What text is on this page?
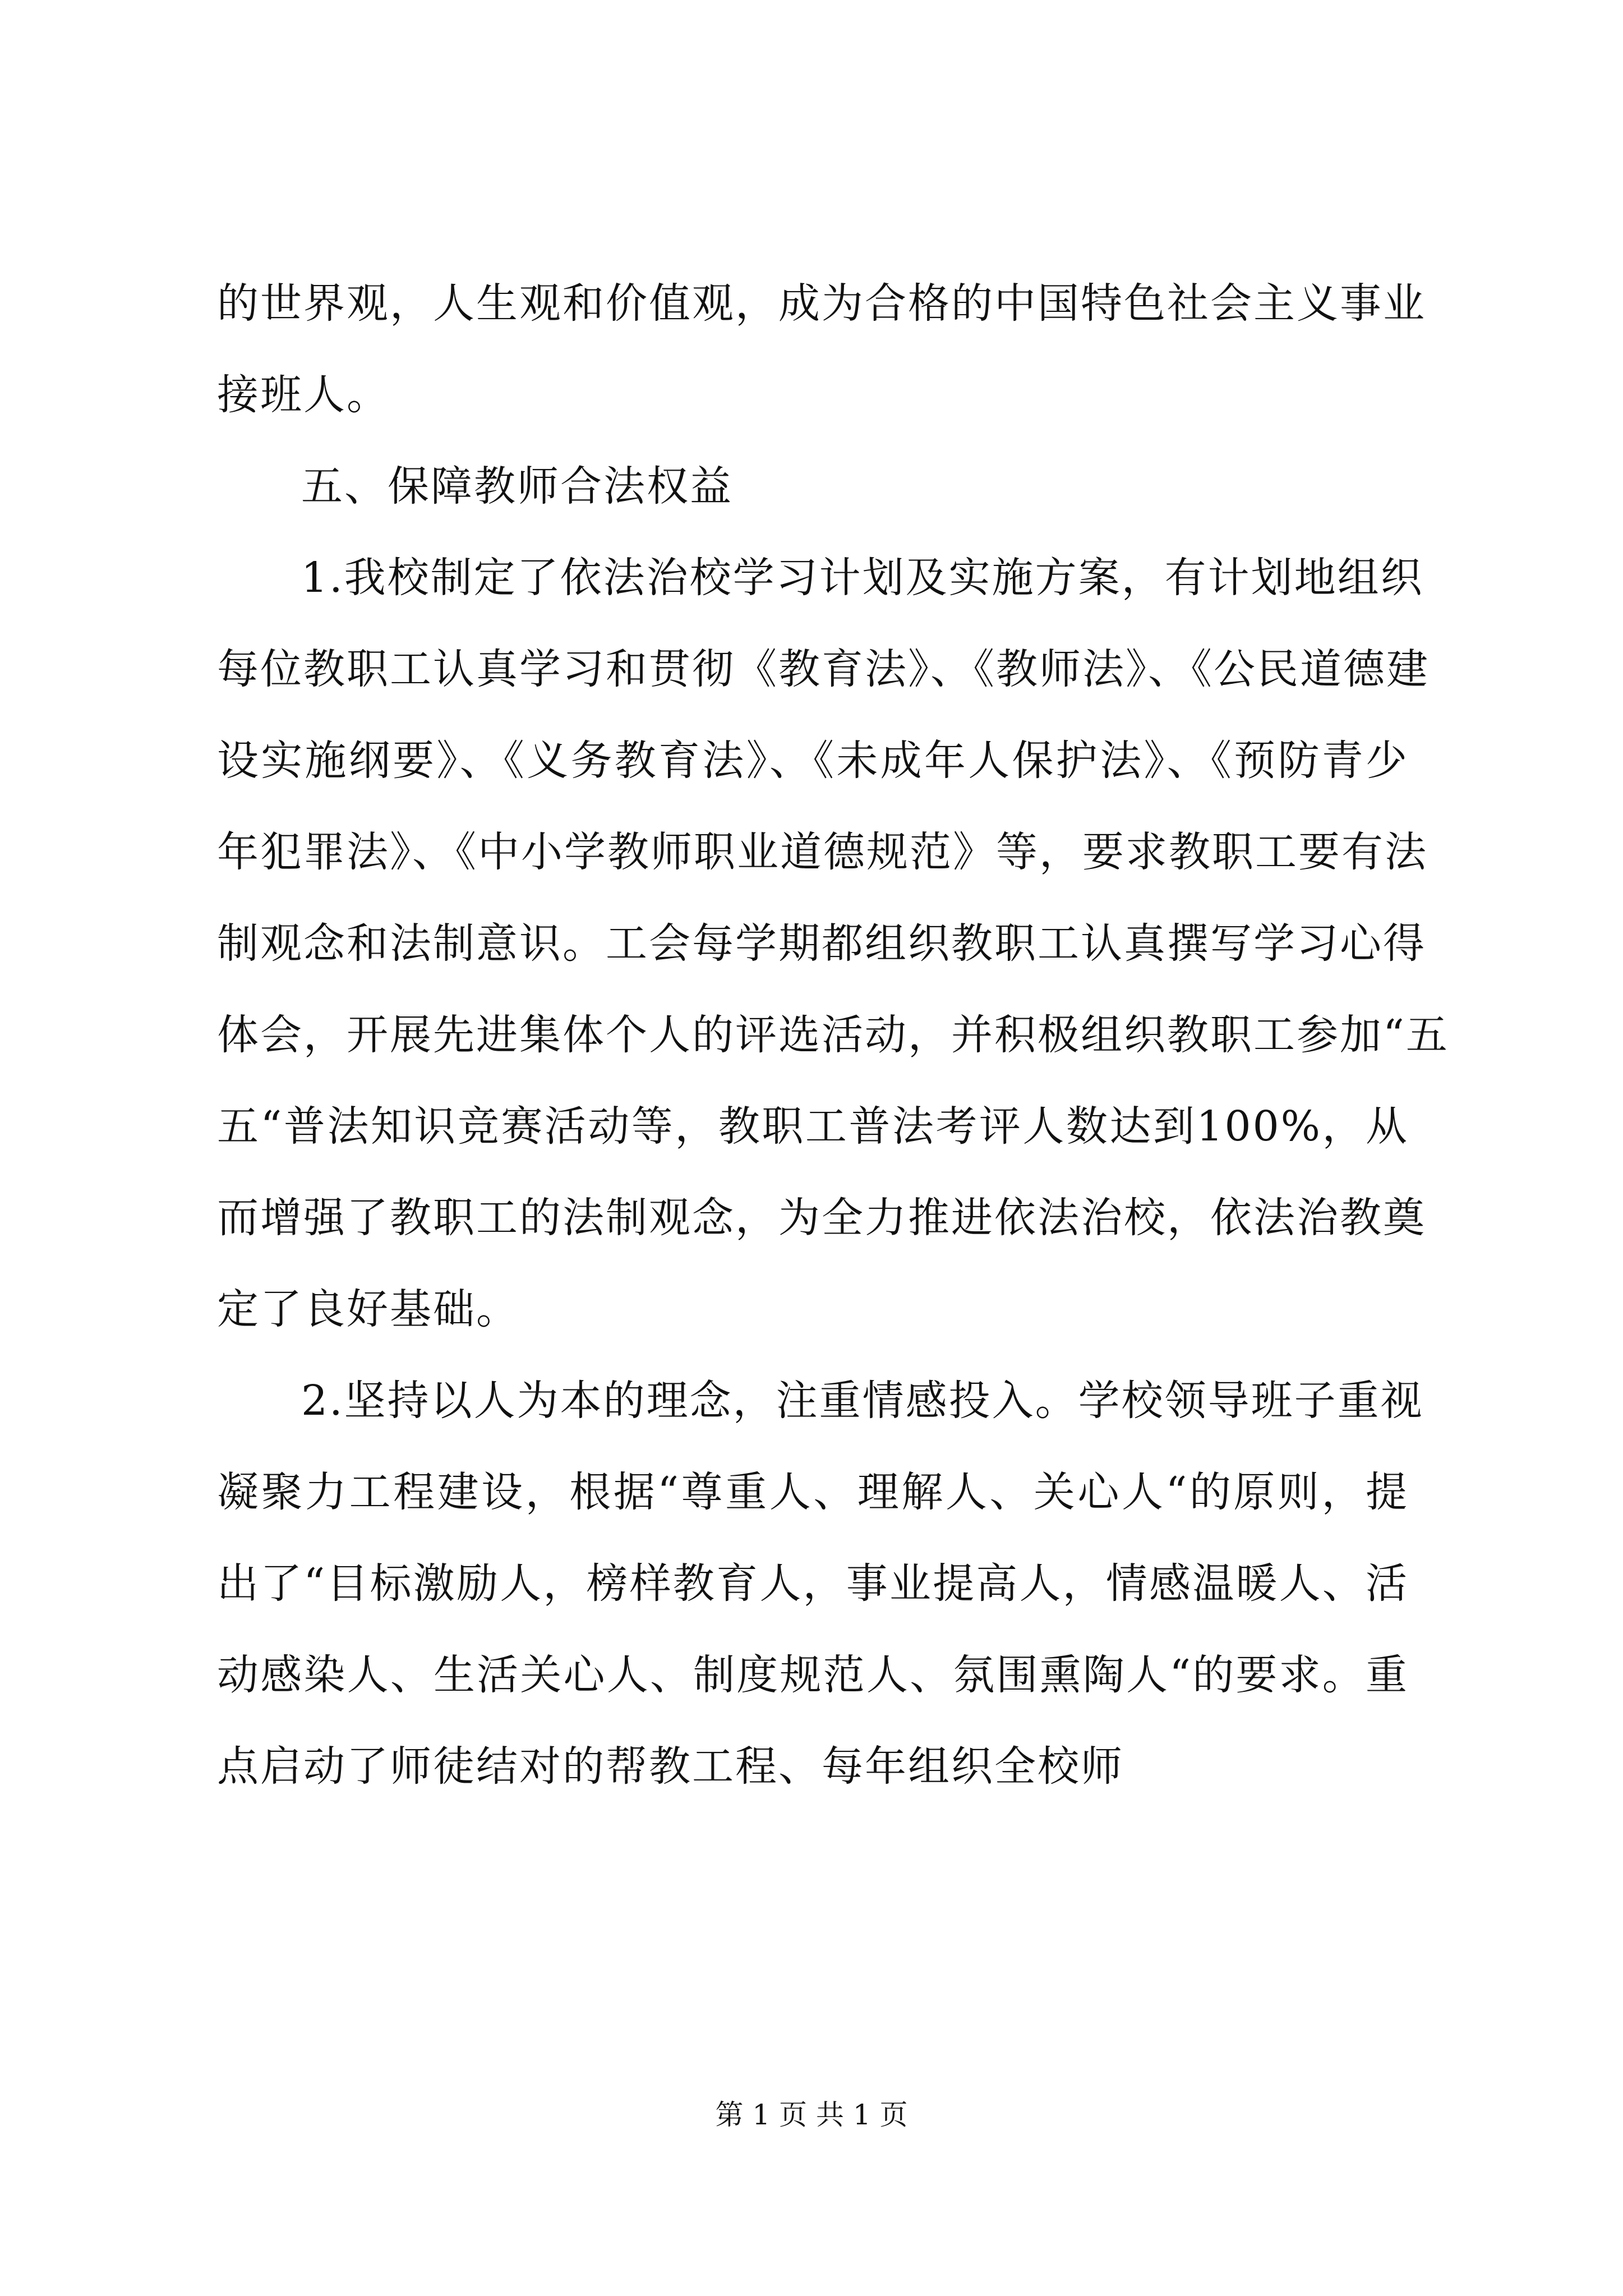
的世界观，人生观和价值观，成为合格的中国特色社会主义事业
接班人。
五、保障教师合法权益
1.我校制定了依法治校学习计划及实施方案，有计划地组织
每位教职工认真学习和贯彻《教育法》、《教师法》、《公民道德建
设实施纲要》、《义务教育法》、《未成年人保护法》、《预防青少
年犯罪法》、《中小学教师职业道德规范》等，要求教职工要有法
制观念和法制意识。工会每学期都组织教职工认真撰写学习心得
体会，开展先进集体个人的评选活动，并积极组织教职工参加“五
五“普法知识竞赛活动等，教职工普法考评人数达到100%，从
而增强了教职工的法制观念，为全力推进依法治校，依法治教奠
定了良好基础。
2.坚持以人为本的理念，注重情感投入。学校领导班子重视
凝聚力工程建设，根据“尊重人、理解人、关心人“的原则，提
出了“目标激励人，榜样教育人，事业提高人，情感温暖人、活
动感染人、生活关心人、制度规范人、氛围熏陶人“的要求。重
点启动了师徒结对的帮教工程、每年组织全校师
第 1 页 共 1 页
